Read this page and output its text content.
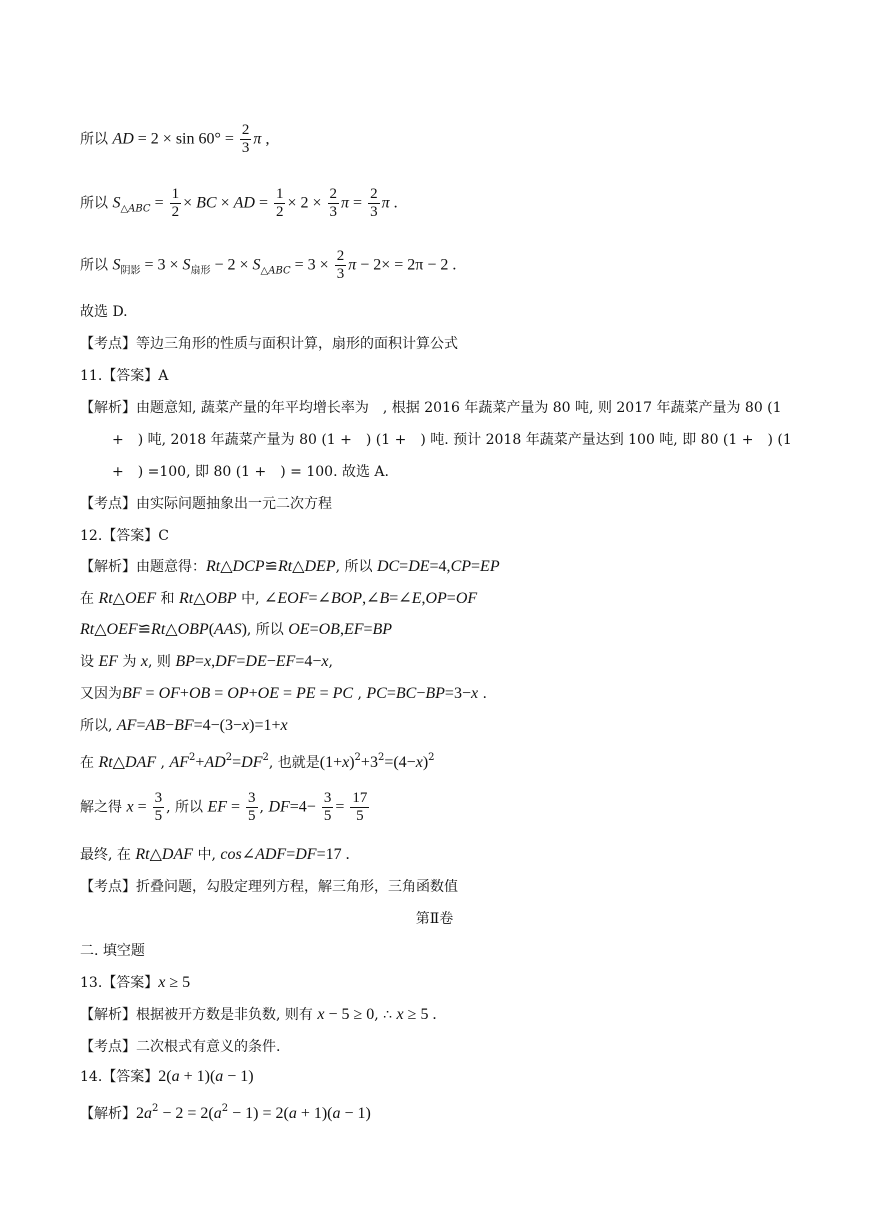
所以 AD = $2 \times \sin 60^\circ = \frac{2}{3}$ π ,
所以 $S_{\triangle ABC} = \frac{1}{2}$ × BC × AD = $\frac{1}{2} \times 2 \times \frac{2}{3}$ $\pi = \frac{2}{3}$ π .
所以 $S_{阴影} = 3 \times S_{扇形} - 2 \times S_{\triangle ABC} = 3 \times \frac{2}{3}$ π − 2× = 2π − 2 .
故选 D.
【考点】等边三角形的性质与面积计算，扇形的面积计算公式
11.【答案】A
【解析】由题意知, 蔬菜产量的年平均增长率为　, 根据 2016 年蔬菜产量为 80 吨, 则 2017 年蔬菜产量为 80 (1
+　) 吨, 2018 年蔬菜产量为 80 (1 +　) (1 +　) 吨. 预计 2018 年蔬菜产量达到 100 吨, 即 80 (1 +　) (1
+　) =100, 即 80 (1 +　) = 100. 故选 A.
【考点】由实际问题抽象出一元二次方程
12.【答案】C
【解析】由题意得：Rt△DCP≌Rt△DEP, 所以 DC=DE=4,CP=EP
在 Rt△OEF 和 Rt△OBP 中, ∠EOF=∠BOP,∠B=∠E,OP=OF
Rt△OEF≌Rt△OBP(AAS), 所以 OE=OB,EF=BP
设 EF 为 x, 则 BP=x,DF=DE−EF=4−x,
又因为BF = OF+OB = OP+OE = PE = PC , PC=BC−BP=3−x .
所以, AF=AB−BF=4−(3−x)=1+x
在 Rt△DAF , $AF^2+AD^2=DF^2$, 也就是$(1+x)^2+3^2=(4-x)^2$
解之得 $x = \frac{3}{5}$ , 所以 EF = $\frac{3}{5}$ , $DF=4- \frac{3}{5} = \frac{17}{5}$
最终, 在 Rt△DAF 中, cos∠ADF=DF=17 .
【考点】折叠问题，勾股定理列方程，解三角形，三角函数值
第Ⅱ卷
二. 填空题
13.【答案】x ≥ 5
【解析】根据被开方数是非负数, 则有 x − 5 ≥ 0, ∴ x ≥ 5 .
【考点】二次根式有意义的条件.
14.【答案】2(a + 1)(a − 1)
【解析】$2a^2 - 2 = 2(a^2 - 1) = 2(a + 1)(a - 1)$
